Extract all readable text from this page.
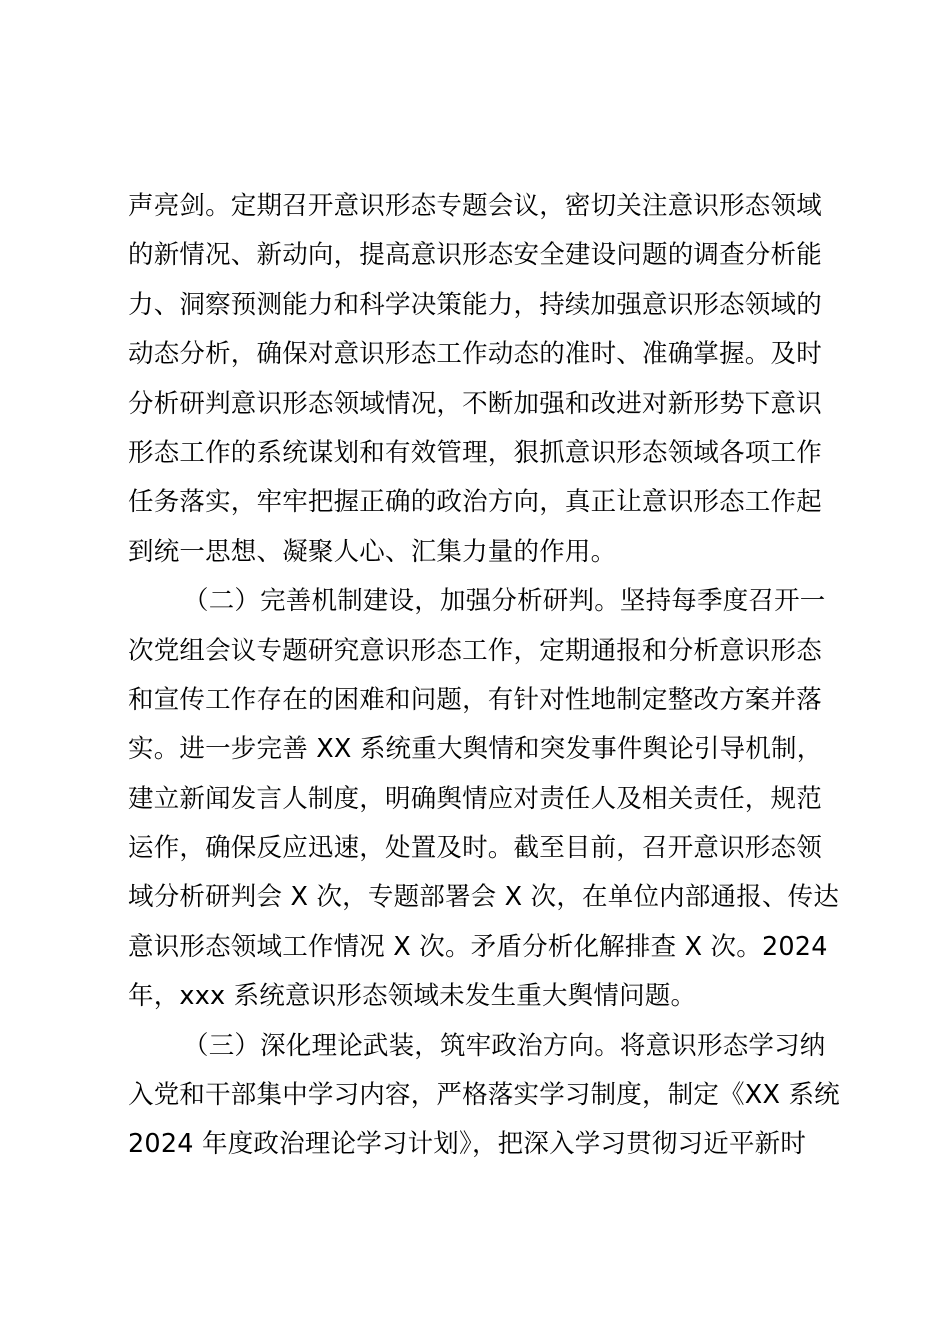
声亮剑。定期召开意识形态专题会议，密切关注意识形态领域
的新情况、新动向，提高意识形态安全建设问题的调查分析能
力、洞察预测能力和科学决策能力，持续加强意识形态领域的
动态分析，确保对意识形态工作动态的准时、准确掌握。及时
分析研判意识形态领域情况，不断加强和改进对新形势下意识
形态工作的系统谋划和有效管理，狠抓意识形态领域各项工作
任务落实，牢牢把握正确的政治方向，真正让意识形态工作起
到统一思想、凝聚人心、汇集力量的作用。
（二）完善机制建设，加强分析研判。坚持每季度召开一
次党组会议专题研究意识形态工作，定期通报和分析意识形态
和宣传工作存在的困难和问题，有针对性地制定整改方案并落
实。进一步完善 XX 系统重大舆情和突发事件舆论引导机制，
建立新闻发言人制度，明确舆情应对责任人及相关责任，规范
运作，确保反应迅速，处置及时。截至目前，召开意识形态领
域分析研判会 X 次，专题部署会 X 次，在单位内部通报、传达
意识形态领域工作情况 X 次。矛盾分析化解排查 X 次。2024
年，xxx 系统意识形态领域未发生重大舆情问题。
（三）深化理论武装，筑牢政治方向。将意识形态学习纳
入党和干部集中学习内容，严格落实学习制度，制定《XX 系统
2024 年度政治理论学习计划》，把深入学习贯彻习近平新时
